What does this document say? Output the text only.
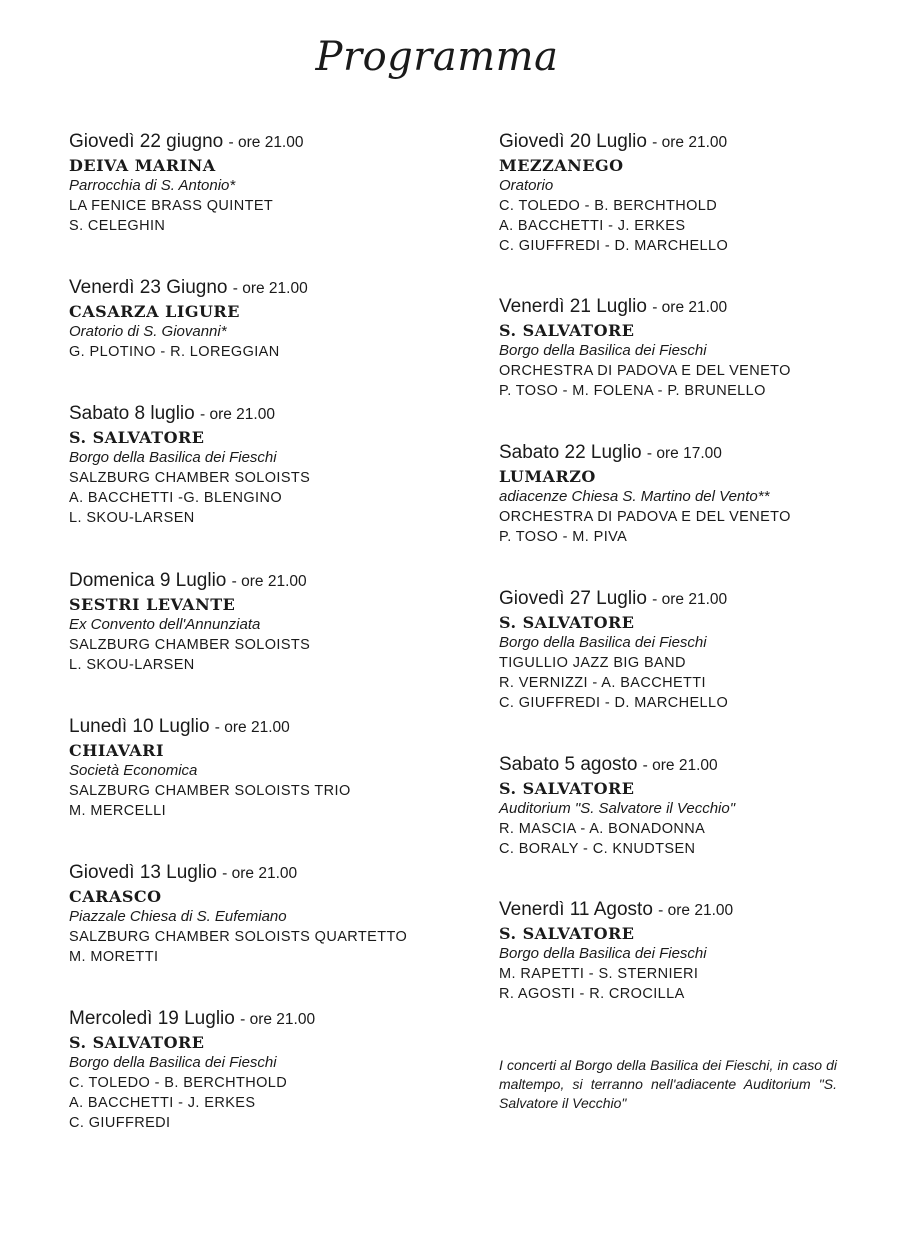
Programma
Giovedì 22 giugno - ore 21.00
DEIVA MARINA
Parrocchia di S. Antonio*
LA FENICE BRASS QUINTET
S. CELEGHIN
Venerdì 23 Giugno - ore 21.00
CASARZA LIGURE
Oratorio di S. Giovanni*
G. PLOTINO - R. LOREGGIAN
Sabato 8 luglio - ore 21.00
S. SALVATORE
Borgo della Basilica dei Fieschi
SALZBURG CHAMBER SOLOISTS
A. BACCHETTI -G. BLENGINO
L. SKOU-LARSEN
Domenica 9 Luglio - ore 21.00
SESTRI LEVANTE
Ex Convento dell'Annunziata
SALZBURG CHAMBER SOLOISTS
L. SKOU-LARSEN
Lunedì 10 Luglio - ore 21.00
CHIAVARI
Società Economica
SALZBURG CHAMBER SOLOISTS TRIO
M. MERCELLI
Giovedì 13 Luglio - ore 21.00
CARASCO
Piazzale Chiesa di S. Eufemiano
SALZBURG CHAMBER SOLOISTS QUARTETTO
M. MORETTI
Mercoledì 19 Luglio - ore 21.00
S. SALVATORE
Borgo della Basilica dei Fieschi
C. TOLEDO - B. BERCHTHOLD
A. BACCHETTI - J. ERKES
C. GIUFFREDI
Giovedì 20 Luglio - ore 21.00
MEZZANEGO
Oratorio
C. TOLEDO - B. BERCHTHOLD
A. BACCHETTI - J. ERKES
C. GIUFFREDI - D. MARCHELLO
Venerdì 21 Luglio - ore 21.00
S. SALVATORE
Borgo della Basilica dei Fieschi
ORCHESTRA DI PADOVA E DEL VENETO
P. TOSO - M. FOLENA - P. BRUNELLO
Sabato 22 Luglio - ore 17.00
LUMARZO
adiacenze Chiesa S. Martino del Vento**
ORCHESTRA DI PADOVA E DEL VENETO
P. TOSO - M. PIVA
Giovedì 27 Luglio - ore 21.00
S. SALVATORE
Borgo della Basilica dei Fieschi
TIGULLIO JAZZ BIG BAND
R. VERNIZZI - A. BACCHETTI
C. GIUFFREDI - D. MARCHELLO
Sabato 5 agosto - ore 21.00
S. SALVATORE
Auditorium "S. Salvatore il Vecchio"
R. MASCIA - A. BONADONNA
C. BORALY - C. KNUDTSEN
Venerdì 11 Agosto - ore 21.00
S. SALVATORE
Borgo della Basilica dei Fieschi
M. RAPETTI - S. STERNIERI
R. AGOSTI - R. CROCILLA
I concerti al Borgo della Basilica dei Fieschi, in caso di maltempo, si terranno nell'adiacente Auditorium "S. Salvatore il Vecchio"
